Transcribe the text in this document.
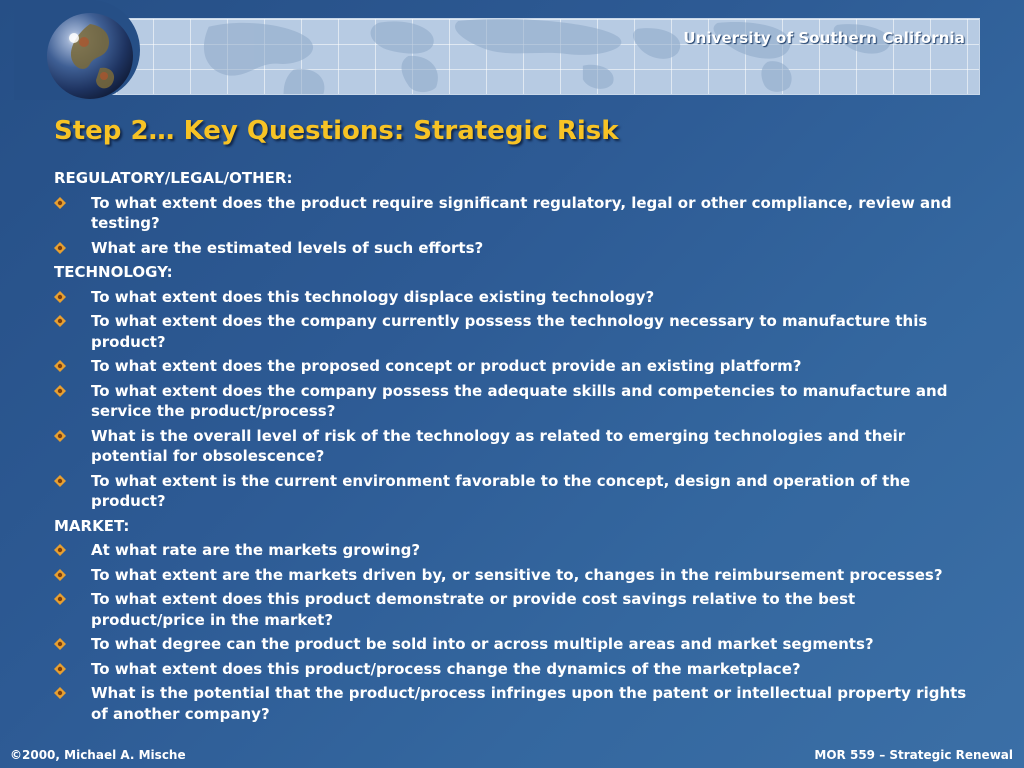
University of Southern California
Step 2… Key Questions: Strategic Risk
REGULATORY/LEGAL/OTHER:
To what extent does the product require significant regulatory, legal or other compliance, review and testing?
What are the estimated levels of such efforts?
TECHNOLOGY:
To what extent does this technology displace existing technology?
To what extent does the company currently possess the technology necessary to manufacture this product?
To what extent does the proposed concept or product provide an existing platform?
To what extent does the company possess the adequate skills and competencies to manufacture and service the product/process?
What is the overall level of risk of the technology as related to emerging technologies and their potential for obsolescence?
To what extent is the current environment favorable to the concept, design and operation of the product?
MARKET:
At what rate are the markets growing?
To what extent are the markets driven by, or sensitive to, changes in the reimbursement processes?
To what extent does this product demonstrate or provide cost savings relative to the best product/price in the market?
To what degree can the product be sold into or across multiple areas and market segments?
To what extent does this product/process change the dynamics of the marketplace?
What is the potential that the product/process infringes upon the patent or intellectual property rights of another company?
©2000, Michael A. Mische	MOR 559 – Strategic Renewal
